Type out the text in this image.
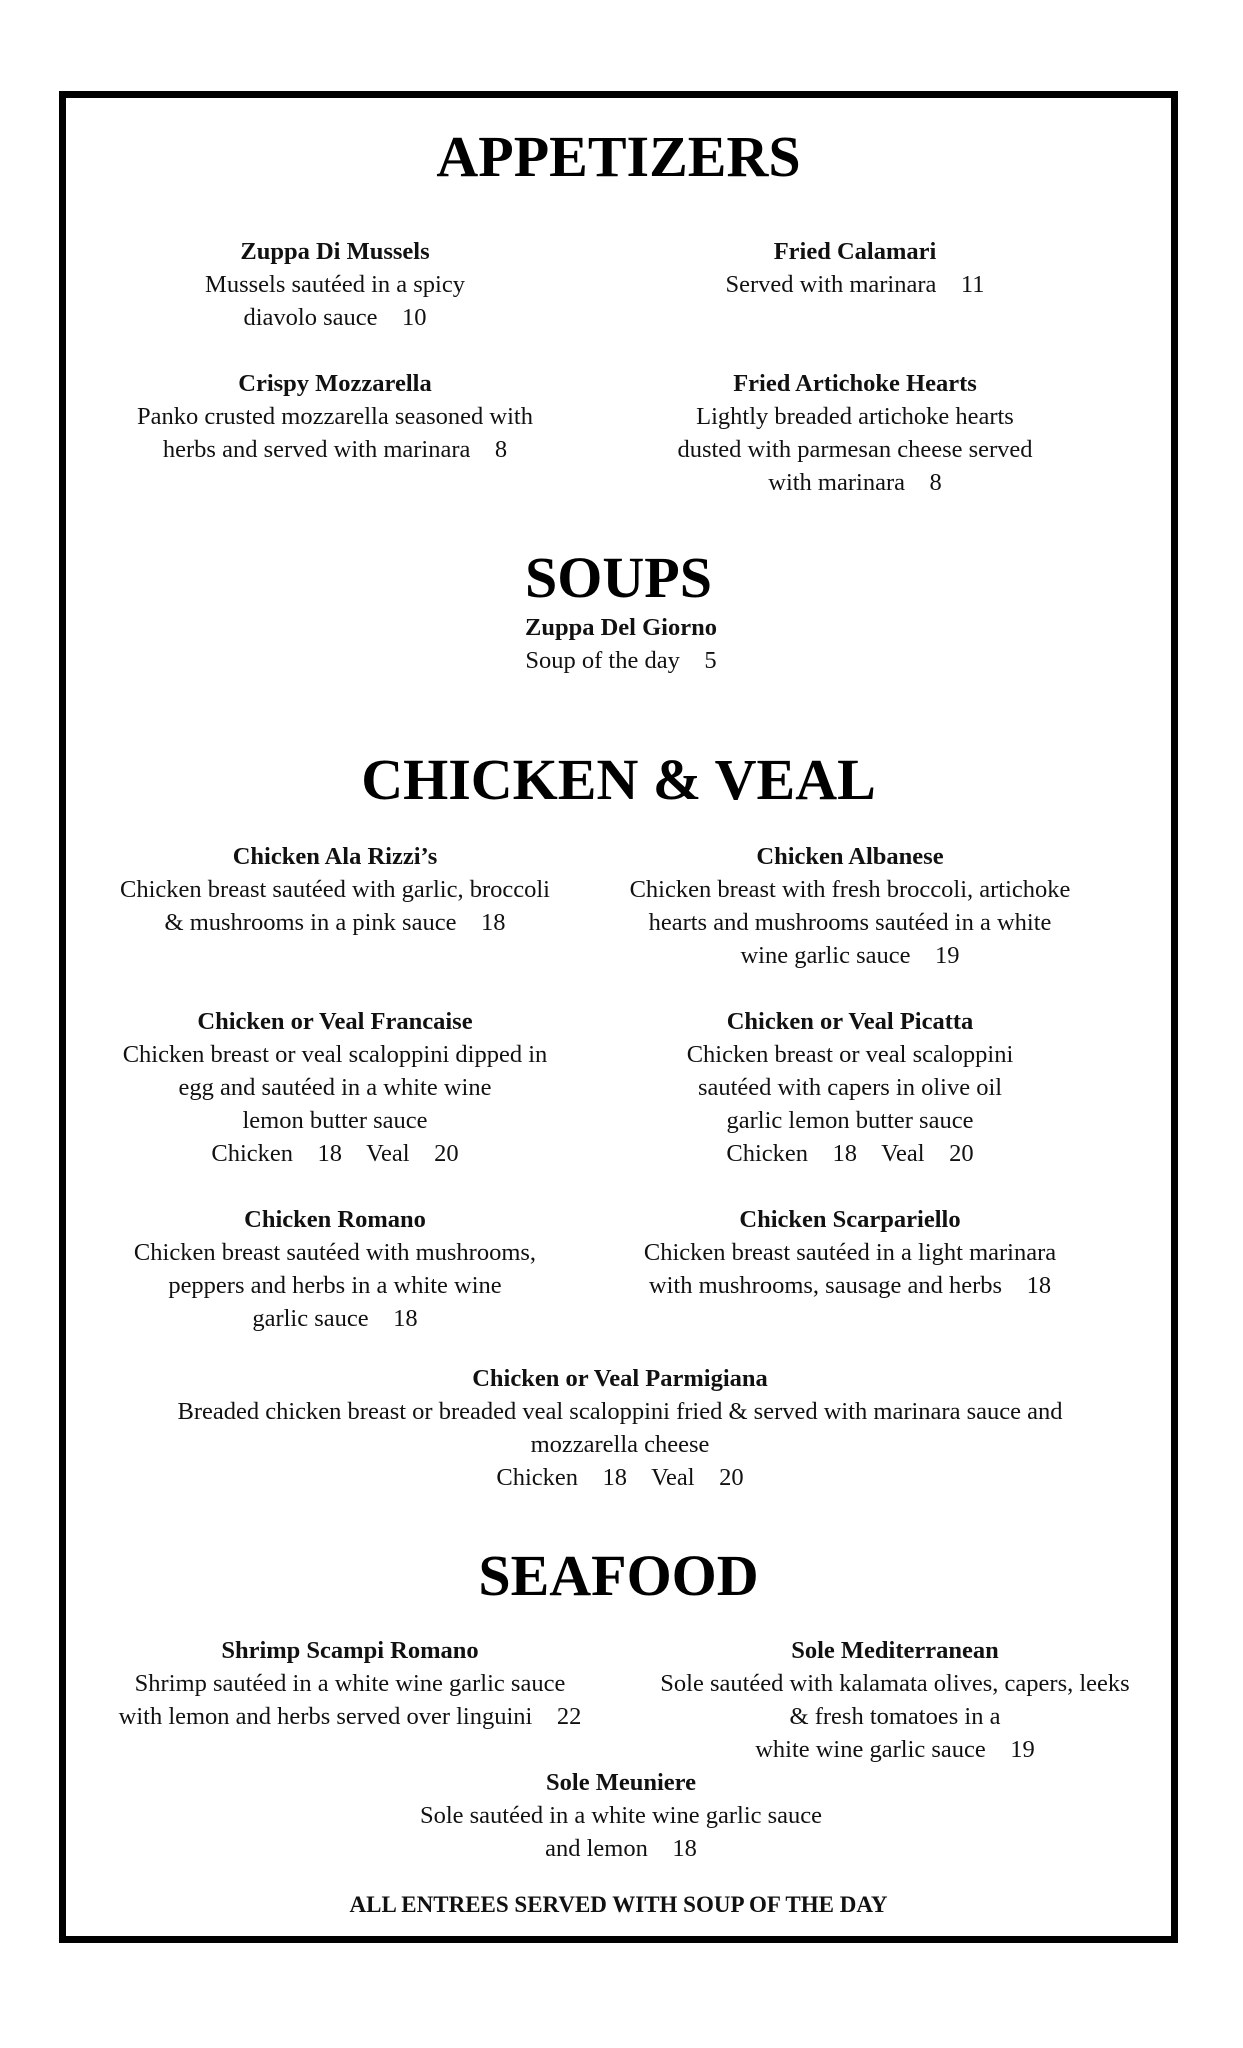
APPETIZERS
Zuppa Di Mussels
Mussels sautéed in a spicy
diavolo sauce    10
Fried Calamari
Served with marinara    11
Crispy Mozzarella
Panko crusted mozzarella seasoned with
herbs and served with marinara    8
Fried Artichoke Hearts
Lightly breaded artichoke hearts
dusted with parmesan cheese served
with marinara    8
SOUPS
Zuppa Del Giorno
Soup of the day    5
CHICKEN & VEAL
Chicken Ala Rizzi’s
Chicken breast sautéed with garlic, broccoli
& mushrooms in a pink sauce    18
Chicken Albanese
Chicken breast with fresh broccoli, artichoke
hearts and mushrooms sautéed in a white
wine garlic sauce    19
Chicken or Veal Francaise
Chicken breast or veal scaloppini dipped in
egg and sautéed in a white wine
lemon butter sauce
Chicken    18    Veal    20
Chicken or Veal Picatta
Chicken breast or veal scaloppini
sautéed with capers in olive oil
garlic lemon butter sauce
Chicken    18    Veal    20
Chicken Romano
Chicken breast sautéed with mushrooms,
peppers and herbs in a white wine
garlic sauce    18
Chicken Scarpariello
Chicken breast sautéed in a light marinara
with mushrooms, sausage and herbs    18
Chicken or Veal Parmigiana
Breaded chicken breast or breaded veal scaloppini fried & served with marinara sauce and
mozzarella cheese
Chicken    18    Veal    20
SEAFOOD
Shrimp Scampi Romano
Shrimp sautéed in a white wine garlic sauce
with lemon and herbs served over linguini    22
Sole Mediterranean
Sole sautéed with kalamata olives, capers, leeks
& fresh tomatoes in a
white wine garlic sauce    19
Sole Meuniere
Sole sautéed in a white wine garlic sauce
and lemon    18
ALL ENTREES SERVED WITH SOUP OF THE DAY
